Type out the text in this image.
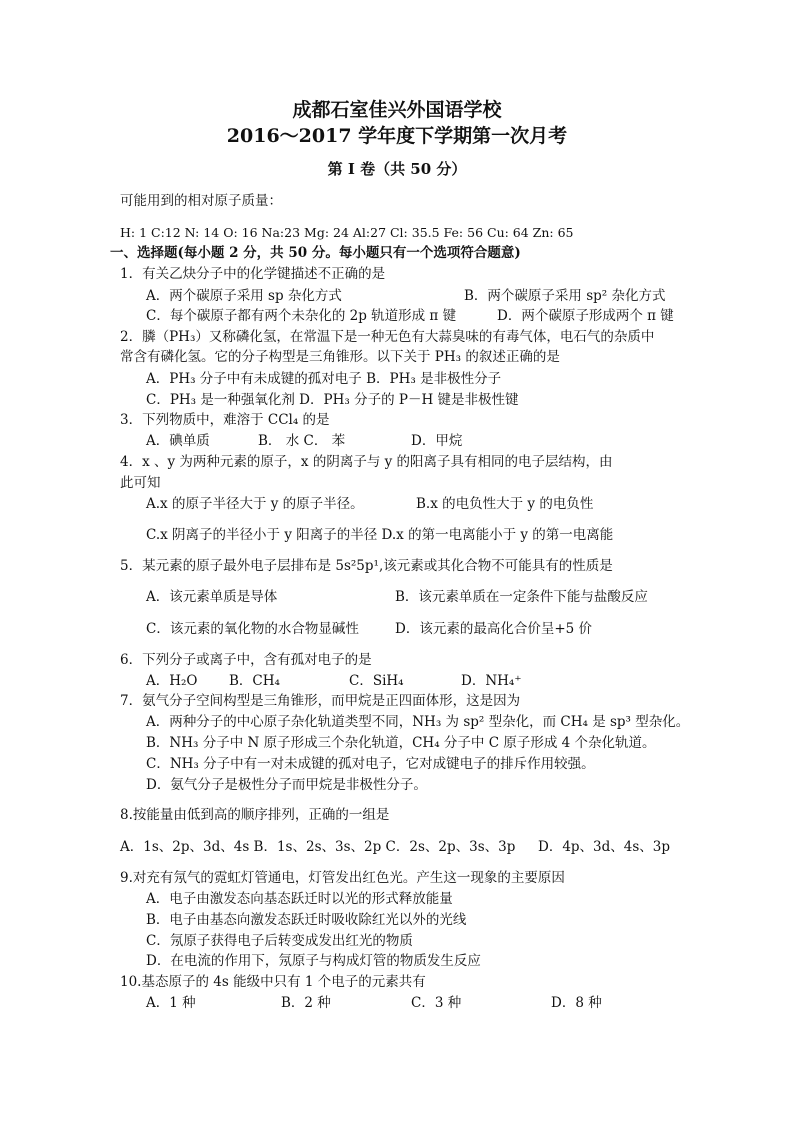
成都石室佳兴外国语学校
2016～2017 学年度下学期第一次月考
第 Ⅰ 卷（共 50 分）
可能用到的相对原子质量：
H: 1 C:12 N: 14 O: 16 Na:23 Mg: 24 Al:27 Cl: 35.5 Fe: 56 Cu: 64 Zn: 65
一、选择题(每小题 2 分，共 50 分。每小题只有一个选项符合题意)
1．有关乙炔分子中的化学键描述不正确的是
A．两个碳原子采用 sp 杂化方式	B．两个碳原子采用 sp² 杂化方式
C．每个碳原子都有两个未杂化的 2p 轨道形成 π 键	D．两个碳原子形成两个 π 键
2．膦（PH₃）又称磷化氢，在常温下是一种无色有大蒜臭味的有毒气体，电石气的杂质中
常含有磷化氢。它的分子构型是三角锥形。以下关于 PH₃ 的叙述正确的是
A．PH₃ 分子中有未成键的孤对电子 B．PH₃ 是非极性分子
C．PH₃ 是一种强氧化剂 D．PH₃ 分子的 P－H 键是非极性键
3．下列物质中，难溶于 CCl₄ 的是
A．碘单质	B． 水 C． 苯	D．甲烷
4．x 、y 为两种元素的原子，x 的阴离子与 y 的阳离子具有相同的电子层结构，由
此可知
A.x 的原子半径大于 y 的原子半径。	B.x 的电负性大于 y 的电负性
C.x 阴离子的半径小于 y 阳离子的半径 D.x 的第一电离能小于 y 的第一电离能
5．某元素的原子最外电子层排布是 5s²5p¹,该元素或其化合物不可能具有的性质是
A．该元素单质是导体	B．该元素单质在一定条件下能与盐酸反应
C．该元素的氧化物的水合物显碱性	D．该元素的最高化合价呈+5 价
6．下列分子或离子中，含有孤对电子的是
A．H₂O B．CH₄	C．SiH₄	D．NH₄⁺
7．氨气分子空间构型是三角锥形，而甲烷是正四面体形，这是因为
A．两种分子的中心原子杂化轨道类型不同，NH₃ 为 sp² 型杂化，而 CH₄ 是 sp³ 型杂化。
B．NH₃ 分子中 N 原子形成三个杂化轨道，CH₄ 分子中 C 原子形成 4 个杂化轨道。
C．NH₃ 分子中有一对未成键的孤对电子，它对成键电子的排斥作用较强。
D．氨气分子是极性分子而甲烷是非极性分子。
8.按能量由低到高的顺序排列，正确的一组是
A．1s、2p、3d、4s B．1s、2s、3s、2p C．2s、2p、3s、3p D．4p、3d、4s、3p
9.对充有氖气的霓虹灯管通电，灯管发出红色光。产生这一现象的主要原因
A．电子由激发态向基态跃迁时以光的形式释放能量
B．电子由基态向激发态跃迁时吸收除红光以外的光线
C．氖原子获得电子后转变成发出红光的物质
D．在电流的作用下，氖原子与构成灯管的物质发生反应
10.基态原子的 4s 能级中只有 1 个电子的元素共有
A．1 种	B．2 种	C．3 种	D．8 种
